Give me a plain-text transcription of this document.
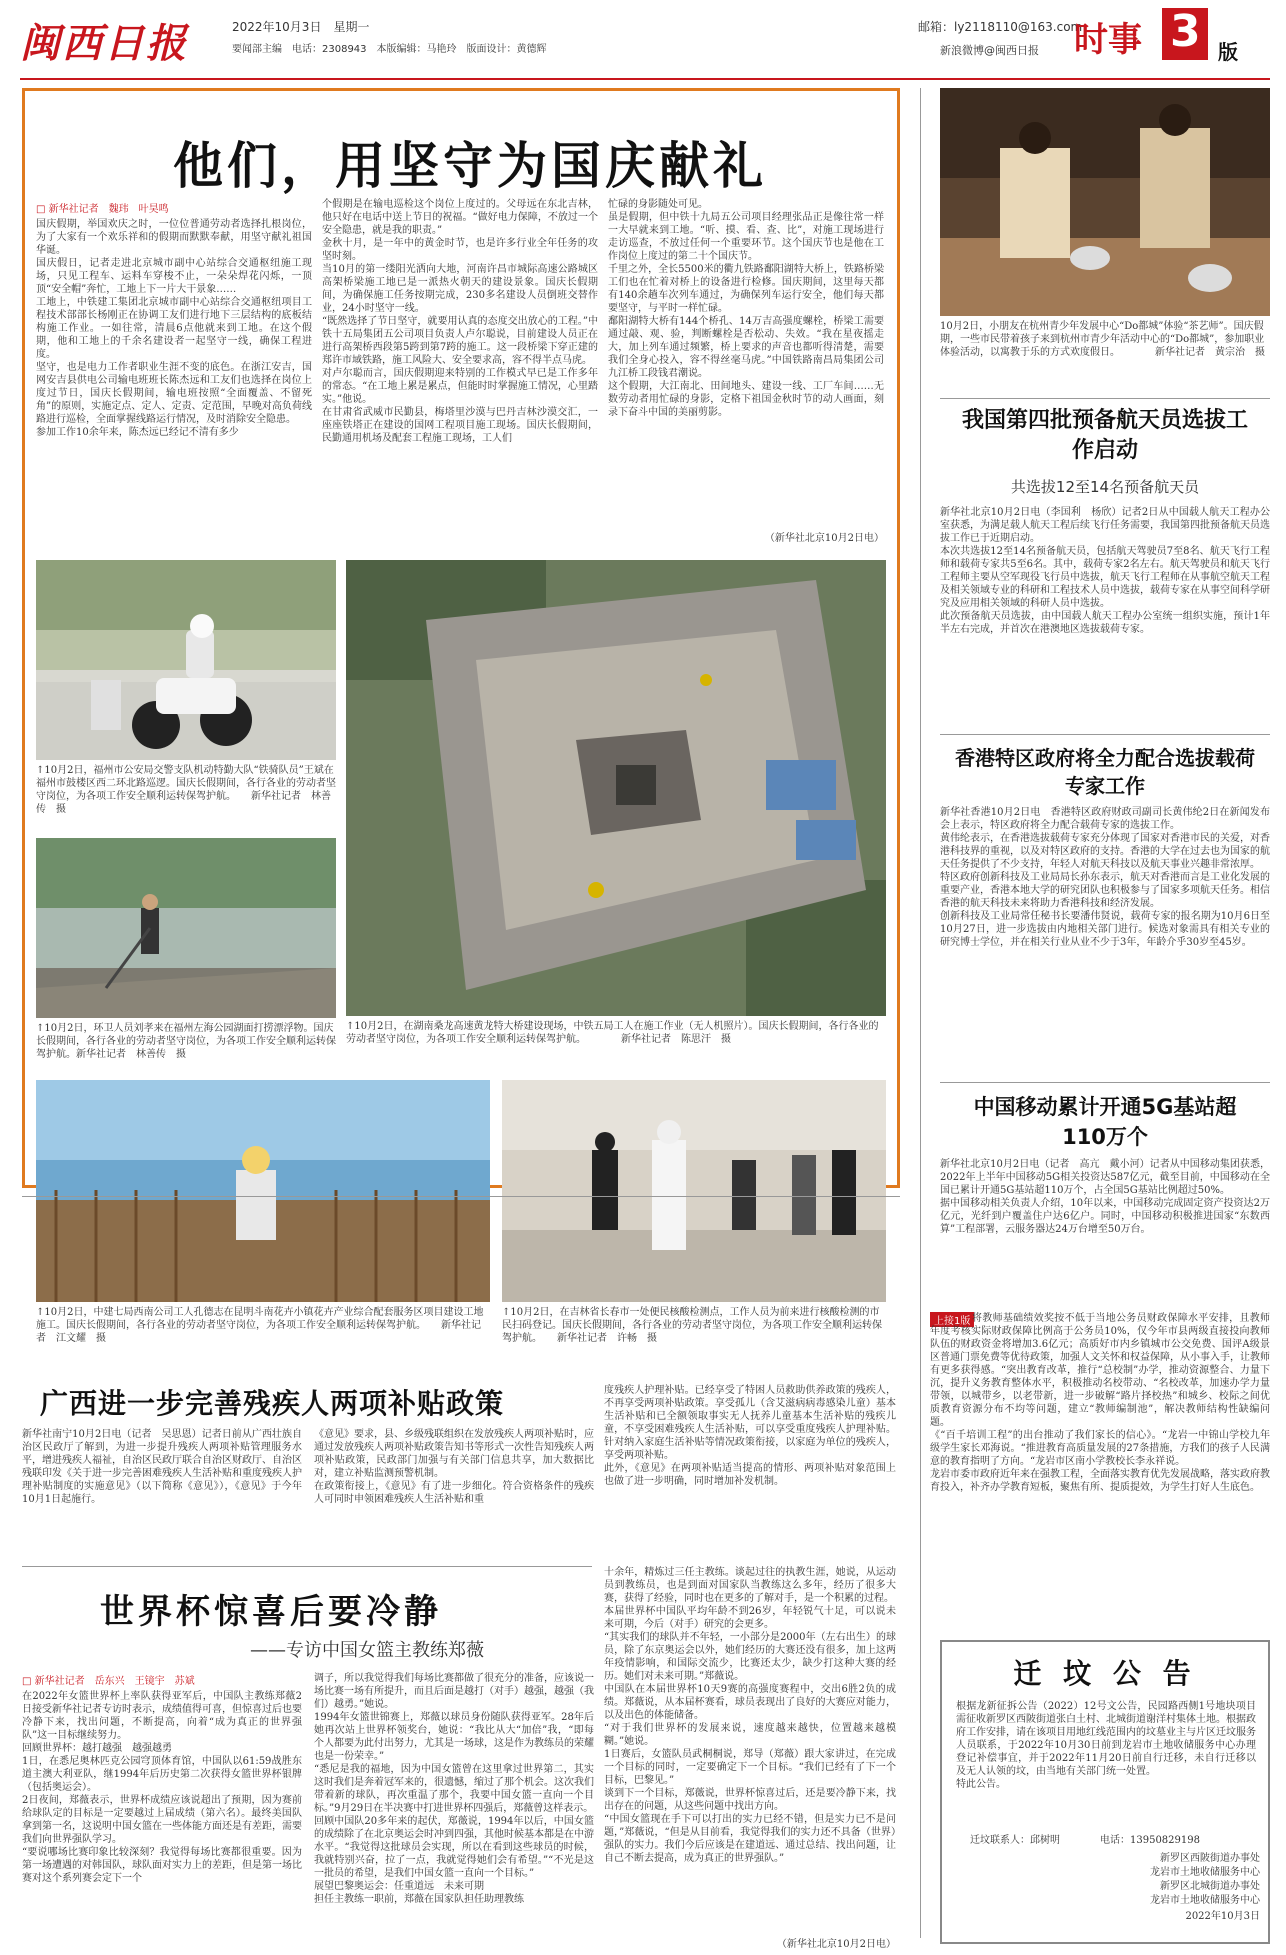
闽西日报	2022年10月3日　星期一
要闻部主编　电话：2308943　本版编辑：马艳玲　版面设计：黄德辉
邮箱：ly2118110@163.com
新浪微博@闽西日报 时事 3 版
他们，用坚守为国庆献礼
□ 新华社记者　魏玮　叶昊鸣
国庆假期，举国欢庆之时，一位位普通劳动者选择扎根岗位，为了大家有一个欢乐祥和的假期而默默奉献，用坚守献礼祖国华诞。
国庆假日，记者走进北京城市副中心站综合交通枢纽施工现场，只见工程车、运料车穿梭不止，一朵朵焊花闪烁，一顶顶“安全帽”奔忙，工地上下一片大干景象……
工地上，中铁建工集团北京城市副中心站综合交通枢纽项目工程技术部部长杨刚正在协调工友们进行地下三层结构的底板结构施工作业。一如往常，清晨6点他就来到工地。在这个假期，他和工地上的千余名建设者一起坚守一线，确保工程进度。
坚守，也是电力工作者职业生涯不变的底色。在浙江安吉，国网安吉县供电公司输电班班长陈杰远和工友们也选择在岗位上度过节日，国庆长假期间，输电班按照“全面覆盖、不留死角”的原则，实施定点、定人、定责、定范围，早晚对高负荷线路进行巡检，全面掌握线路运行情况，及时消除安全隐患。
参加工作10余年来，陈杰远已经记不清有多少
个假期是在输电巡检这个岗位上度过的。父母远在东北吉林，他只好在电话中送上节日的祝福。“做好电力保障，不放过一个安全隐患，就是我的职责。”
金秋十月，是一年中的黄金时节，也是许多行业全年任务的攻坚时刻。
当10月的第一缕阳光洒向大地，河南许昌市城际高速公路城区高架桥梁施工地已是一派热火朝天的建设景象。国庆长假期间，为确保施工任务按期完成，230多名建设人员倒班交替作业，24小时坚守一线。
“既然选择了节日坚守，就要用认真的态度交出放心的工程。”中铁十五局集团五公司项目负责人卢尔聪说，目前建设人员正在进行高架桥西段第5跨到第7跨的施工。这一段桥梁下穿正建的郑许市域铁路，施工风险大、安全要求高，容不得半点马虎。
对卢尔聪而言，国庆假期迎来特别的工作模式早已是工作多年的常态。“在工地上累是累点，但能时时掌握施工情况，心里踏实。”他说。
在甘肃省武威市民勤县，梅塔里沙漠与巴丹吉林沙漠交汇，一座座铁塔正在建设的国网工程项目施工现场。国庆长假期间，民勤通用机场及配套工程施工现场，工人们
忙碌的身影随处可见。
虽是假期，但中铁十九局五公司项目经理张品正是像往常一样一大早就来到工地。“听、摸、看、查、比”，对施工现场进行走访巡查，不放过任何一个重要环节。这个国庆节也是他在工作岗位上度过的第二十个国庆节。
千里之外，全长5500米的衢九铁路鄱阳湖特大桥上，铁路桥梁工们也在忙着对桥上的设备进行检修。国庆期间，这里每天都有140余趟车次列车通过，为确保列车运行安全，他们每天都要坚守，与平时一样忙碌。
鄱阳湖特大桥有144个桥孔、14万吉高强度螺栓，桥梁工需要通过敲、观、验，判断螺栓是否松动、失效。“我在星夜摇走大，加上列车通过频繁，桥上要求的声音也都听得清楚，需要我们全身心投入，容不得丝毫马虎。”中国铁路南昌局集团公司九江桥工段钱君潮说。
这个假期，大江南北、田间地头、建设一线、工厂车间……无数劳动者用忙碌的身影，定格下祖国金秋时节的动人画面，刻录下奋斗中国的美丽剪影。
（新华社北京10月2日电）
↑10月2日，福州市公安局交警支队机动特勤大队“铁骑队员”王斌在福州市鼓楼区西二环北路巡逻。国庆长假期间，各行各业的劳动者坚守岗位，为各项工作安全顺利运转保驾护航。　　新华社记者　林善传　摄
↑10月2日，环卫人员刘孝来在福州左海公园湖面打捞漂浮物。国庆长假期间，各行各业的劳动者坚守岗位，为各项工作安全顺利运转保驾护航。新华社记者　林善传　摄
↑10月2日，在湖南桑龙高速黄龙特大桥建设现场，中铁五局工人在施工作业（无人机照片）。国庆长假期间，各行各业的劳动者坚守岗位，为各项工作安全顺利运转保驾护航。　　　　新华社记者　陈思汗　摄
↑10月2日，中建七局西南公司工人孔德志在昆明斗南花卉小镇花卉产业综合配套服务区项目建设工地施工。国庆长假期间，各行各业的劳动者坚守岗位，为各项工作安全顺利运转保驾护航。　　新华社记者　江文耀　摄
↑10月2日，在吉林省长春市一处便民核酸检测点，工作人员为前来进行核酸检测的市民扫码登记。国庆长假期间，各行各业的劳动者坚守岗位，为各项工作安全顺利运转保驾护航。　　新华社记者　许畅　摄
10月2日，小朋友在杭州青少年发展中心“Do都城”体验“茶艺师”。国庆假期，一些市民带着孩子来到杭州市青少年活动中心的“Do都城”，参加职业体验活动，以寓教于乐的方式欢度假日。　　　　新华社记者　黄宗治　摄
我国第四批预备航天员选拔工作启动
共选拔12至14名预备航天员
新华社北京10月2日电（李国利　杨欣）记者2日从中国载人航天工程办公室获悉，为满足载人航天工程后续飞行任务需要，我国第四批预备航天员选拔工作已于近期启动。
本次共选拔12至14名预备航天员，包括航天驾驶员7至8名、航天飞行工程师和载荷专家共5至6名。其中，载荷专家2名左右。航天驾驶员和航天飞行工程师主要从空军现役飞行员中选拔，航天飞行工程师在从事航空航天工程及相关领域专业的科研和工程技术人员中选拔，载荷专家在从事空间科学研究及应用相关领域的科研人员中选拔。
此次预备航天员选拔，由中国载人航天工程办公室统一组织实施，预计1年半左右完成，并首次在港澳地区选拔载荷专家。
香港特区政府将全力配合选拔载荷专家工作
新华社香港10月2日电　香港特区政府财政司副司长黄伟纶2日在新闻发布会上表示，特区政府将全力配合载荷专家的选拔工作。
黄伟纶表示，在香港选拔载荷专家充分体现了国家对香港市民的关爱，对香港科技界的重视，以及对特区政府的支持。香港的大学在过去也为国家的航天任务提供了不少支持，年轻人对航天科技以及航天事业兴趣非常浓厚。
特区政府创新科技及工业局局长孙东表示，航天对香港而言是工业化发展的重要产业，香港本地大学的研究团队也积极参与了国家多项航天任务。相信香港的航天科技未来将助力香港科技和经济发展。
创新科技及工业局常任秘书长要潘伟贤说，载荷专家的报名期为10月6日至10月27日，进一步选拔由内地相关部门进行。候选对象需具有相关专业的研究博士学位，并在相关行业从业不少于3年，年龄介乎30岁至45岁。
中国移动累计开通5G基站超110万个
新华社北京10月2日电（记者　高亢　戴小河）记者从中国移动集团获悉，2022年上半年中国移动5G相关投资达587亿元，截至目前，中国移动在全国已累计开通5G基站超110万个，占全国5G基站比例超过50%。
据中国移动相关负责人介绍，10年以来，中国移动完成固定资产投资达2万亿元，光纤到户覆盖住户达6亿户。同时，中国移动积极推进国家“东数西算”工程部署，云服务器达24万台增至50万台。
上接1版 将教师基础绩效奖按不低于当地公务员财政保障水平安排，且教师年度考核实际财政保障比例高于公务员10%，仅今年市县两级直接投向教师队伍的财政资金将增加3.6亿元；高质好市内乡镇城市公交免费、国评A级景区普通门票免费等优待政策，加强人文关怀和权益保障，从小事入手，让教师有更多获得感。“突出教育改革，推行“总校制”办学，推动资源整合、力量下沉，提升义务教育整体水平，积极推动名校带动、“名校改革，加速办学力量带领，以城带乡，以老带新，进一步破解“路片择校热”和城乡、校际之间优质教育资源分布不均等问题，建立“教师编制池”，解决教师结构性缺编问题。
《“百千培训工程”的出台推动了我们家长的信心》。“龙岩一中锦山学校九年级学生家长邓海说。“推进教育高质量发展的27条措施，方我们的孩子人民满意的教育指明了方向。“龙岩市区南小学教校长李永祥说。
龙岩市委市政府近年来在强教工程，全面落实教育优先发展战略，落实政府教育投入，补齐办学教育短板，聚焦有所、提质提效，为学生打好人生底色。
迁 坟 公 告
根据龙新征拆公告（2022）12号文公告，民园路西侧1号地块项目需征收新罗区西陂街道张白土村、北城街道谢洋村集体土地。根据政府工作安排，请在该项目用地红线范围内的坟墓业主与片区迁坟服务人员联系，于2022年10月30日前到龙岩市土地收储服务中心办理登记补偿事宜，并于2022年11月20日前自行迁移，未自行迁移以及无人认领的坟，由当地有关部门统一处置。
特此公告。
迁坟联系人：邱树明　　　　电话：13950829198
新罗区西陂街道办事处
龙岩市土地收储服务中心
新罗区北城街道办事处
龙岩市土地收储服务中心
2022年10月3日
广西进一步完善残疾人两项补贴政策
新华社南宁10月2日电（记者　吴思恩）记者日前从广西壮族自治区民政厅了解到，为进一步提升残疾人两项补贴管理服务水平，增进残疾人福祉，自治区民政厅联合自治区财政厅、自治区残联印发《关于进一步完善困难残疾人生活补贴和重度残疾人护理补贴制度的实施意见》（以下简称《意见》），《意见》于今年10月1日起施行。
《意见》要求，县、乡级残联组织在发放残疾人两项补贴时，应通过发放残疾人两项补贴政策告知书等形式一次性告知残疾人两项补贴政策，民政部门加强与有关部门信息共享，加大数据比对，建立补贴监测预警机制。
在政策衔接上，《意见》有了进一步细化。符合资格条件的残疾人可同时申领困难残疾人生活补贴和重
度残疾人护理补贴。已经享受了特困人员救助供养政策的残疾人，不再享受两项补贴政策。享受孤儿（含艾滋病病毒感染儿童）基本生活补贴和已全额领取事实无人抚养儿童基本生活补贴的残疾儿童，不享受困难残疾人生活补贴，可以享受重度残疾人护理补贴。针对纳入家庭生活补贴等情况政策衔接，以家庭为单位的残疾人，享受两项补贴。
此外，《意见》在两项补贴适当提高的情形、两项补贴对象范围上也做了进一步明确，同时增加补发机制。
世界杯惊喜后要冷静
——专访中国女篮主教练郑薇
□ 新华社记者　岳东兴　王镜宇　苏斌
在2022年女篮世界杯上率队获得亚军后，中国队主教练郑薇2日接受新华社记者专访时表示，成绩值得可喜，但惊喜过后也要冷静下来，找出问题，不断提高，向着“成为真正的世界强队”这一目标继续努力。
回顾世界杯：越打越强　越强越勇
1日，在悉尼奥林匹克公园穹顶体育馆，中国队以61:59战胜东道主澳大利亚队，继1994年后历史第二次获得女篮世界杯银牌（包括奥运会）。
2日夜间，郑薇表示，世界杯成绩应该说超出了预期，因为赛前给球队定的目标是一定要越过上届成绩（第六名）。最终美国队拿到第一名，这说明中国女篮在一些体能方面还是有差距，需要我们向世界强队学习。
“要说哪场比赛印象比较深刻？我觉得每场比赛都很重要。因为第一场遭遇的对韩国队，球队面对实力上的差距，但是第一场比赛对这个系列赛会定下一个
调子，所以我觉得我们每场比赛都做了很充分的准备，应该说一场比赛一场有所提升，而且后面是越打（对手）越强，越强（我们）越勇。”她说。
1994年女篮世锦赛上，郑薇以球员身份随队获得亚军。28年后她再次站上世界杯领奖台，她说：“我比从大“加倍”我，“即每个人都要为此付出努力，尤其是一场球，这是作为教练员的荣耀也是一份荣幸。”
“悉尼是我的福地，因为中国女篮曾在这里拿过世界第二，其实这时我们是奔着冠军来的，很遗憾，缩过了那个机会。这次我们带着新的球队，再次重温了那个，我要中国女篮一直向一个目标。”9月29日在半决赛中打进世界杯四强后，郑薇曾这样表示。
回顾中国队20多年来的起伏，郑薇说，1994年以后，中国女篮的成绩除了在北京奥运会时冲到四强，其他时候基本都是在中游水平。“我觉得这批球员会实现，所以在看到这些球员的时候，我就特别兴奋，拉了一点，我就觉得她们会有希望。”“不光是这一批员的希望，是我们中国女篮一直向一个目标。”
展望巴黎奥运会：任重道远　未来可期
担任主教练一职前，郑薇在国家队担任助理教练
十余年，精炼过三任主教练。谈起过往的执教生涯，她说，从运动员到教练员，也是到面对国家队当教练这么多年，经历了很多大赛，获得了经验，同时也在更多的了解对手，是一个积累的过程。
本届世界杯中国队平均年龄不到26岁，年轻锐气十足，可以说未来可期，今后（对手）研究的会更多。
“其实我们的球队并不年轻，一小部分是2000年（左右出生）的球员，除了东京奥运会以外，她们经历的大赛还没有很多，加上这两年疫情影响，和国际交流少，比赛还太少，缺少打这种大赛的经历。她们对未来可期。”郑薇说。
中国队在本届世界杯10天9赛的高强度赛程中，交出6胜2负的成绩。郑薇说，从本届杯赛看，球员表现出了良好的大赛应对能力，以及出色的体能储备。
“对于我们世界杯的发展来说，速度越来越快，位置越来越模糊。”她说。
1日赛后，女篮队员武桐桐说，郑导（郑薇）跟大家讲过，在完成一个目标的同时，一定要确定下一个目标。“我们已经有了下一个目标，巴黎见。”
谈到下一个目标，郑薇说，世界杯惊喜过后，还是要冷静下来，找出存在的问题，从这些问题中找出方向。
“中国女篮现在手下可以打出的实力已经不错，但是实力已不是问题，”郑薇说，“但是从目前看，我觉得我们的实力还不具备（世界）强队的实力。我们今后应该是在建道远、通过总结、找出问题，让自己不断去提高，成为真正的世界强队。”
（新华社北京10月2日电）
